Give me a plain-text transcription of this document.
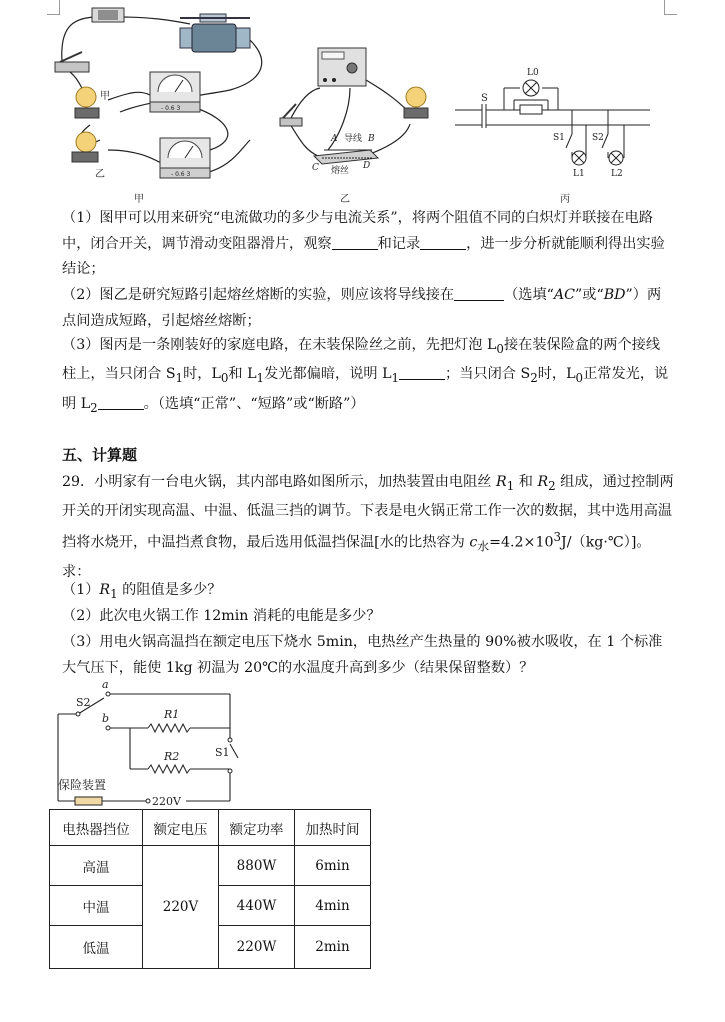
甲
乙
- 0.6 3
- 0.6 3
甲
A 导线 B
C 熔丝 D
乙
S
L0
S1
L1
S2
L2
丙

（1）图甲可以用来研究“电流做功的多少与电流关系”，将两个阻值不同的白炽灯并联接在电路中，闭合开关，调节滑动变阻器滑片，观察	和记录	，进一步分析就能顺利得出实验结论；

（2）图乙是研究短路引起熔丝熔断的实验，则应该将导线接在	（选填“AC”或“BD”）两点间造成短路，引起熔丝熔断；

（3）图丙是一条刚装好的家庭电路，在未装保险丝之前，先把灯泡 $L_0$接在装保险盒的两个接线柱上，当只闭合 $S_1$时，$L_0$和 $L_1$发光都偏暗，说明 $L_1$	；当只闭合 $S_2$时，$L_0$正常发光，说明 $L_2$	。（选填“正常”、“短路”或“断路”）

五、计算题

29．小明家有一台电火锅，其内部电路如图所示，加热装置由电阻丝 $R_1$ 和 $R_2$ 组成，通过控制两开关的开闭实现高温、中温、低温三挡的调节。下表是电火锅正常工作一次的数据，其中选用高温挡将水烧开，中温挡煮食物，最后选用低温挡保温[水的比热容为 $c_水=4.2\times 10^3J/(kg\cdot℃)$]。求：

$(1)R_1$ 的阻值是多少？

（2）此次电火锅工作 12min 消耗的电能是多少？

（3）用电火锅高温挡在额定电压下烧水 5min，电热丝产生热量的 90%被水吸收，在 1 个标准大气压下，能使 1kg 初温为 20℃的水温度升高到多少（结果保留整数）？

a
b
S2
S1
R1
R2
保险装置
220V
电热器挡位	额定电压	额定功率	加热时间
高温	220V	880W	6min
中温		440W	4min
低温		220W	2min
